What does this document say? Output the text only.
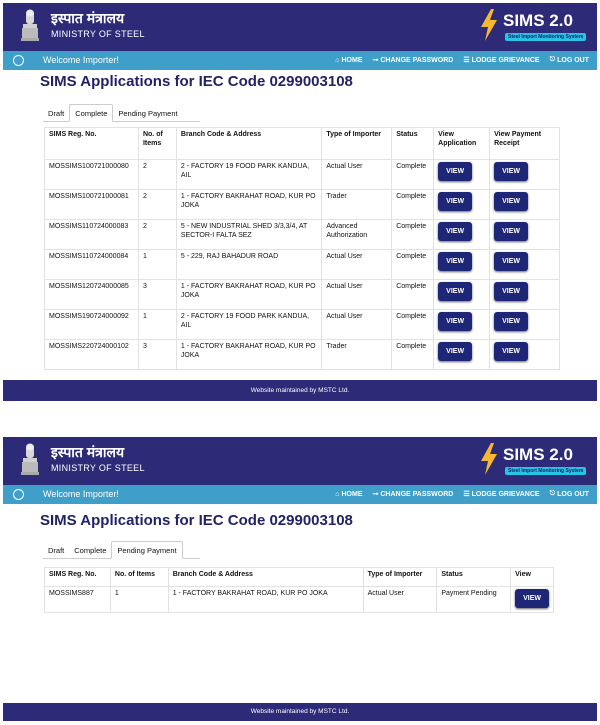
इस्पात मंत्रालय
MINISTRY OF STEEL
SIMS 2.0
Steel Import Monitoring System
Welcome Importer!	⌂ HOME ⊸ CHANGE PASSWORD ☰ LODGE GRIEVANCE ⎋ LOG OUT
SIMS Applications for IEC Code 0299003108
Draft	Complete	Pending Payment
SIMS Reg. No.	No. of Items	Branch Code & Address	Type of Importer	Status	View Application	View Payment Receipt
MOSSIMS100721000080	2	2 - FACTORY 19 FOOD PARK KANDUA, AIL	Actual User	Complete	VIEW	VIEW
MOSSIMS100721000081	2	1 - FACTORY BAKRAHAT ROAD, KUR PO JOKA	Trader	Complete	VIEW	VIEW
MOSSIMS110724000083	2	5 - NEW INDUSTRIAL SHED 3/3,3/4, AT SECTOR-I FALTA SEZ	Advanced Authorization	Complete	VIEW	VIEW
MOSSIMS110724000084	1	5 - 229, RAJ BAHADUR ROAD	Actual User	Complete	VIEW	VIEW
MOSSIMS120724000085	3	1 - FACTORY BAKRAHAT ROAD, KUR PO JOKA	Actual User	Complete	VIEW	VIEW
MOSSIMS190724000092	1	2 - FACTORY 19 FOOD PARK KANDUA, AIL	Actual User	Complete	VIEW	VIEW
MOSSIMS220724000102	3	1 - FACTORY BAKRAHAT ROAD, KUR PO JOKA	Trader	Complete	VIEW	VIEW
Website maintained by MSTC Ltd.
इस्पात मंत्रालय
MINISTRY OF STEEL
SIMS 2.0
Steel Import Monitoring System
Welcome Importer!	⌂ HOME ⊸ CHANGE PASSWORD ☰ LODGE GRIEVANCE ⎋ LOG OUT
SIMS Applications for IEC Code 0299003108
Draft	Complete	Pending Payment
SIMS Reg. No.	No. of Items	Branch Code & Address	Type of Importer	Status	View
MOSSIMS887	1	1 - FACTORY BAKRAHAT ROAD, KUR PO JOKA	Actual User	Payment Pending	VIEW
Website maintained by MSTC Ltd.
